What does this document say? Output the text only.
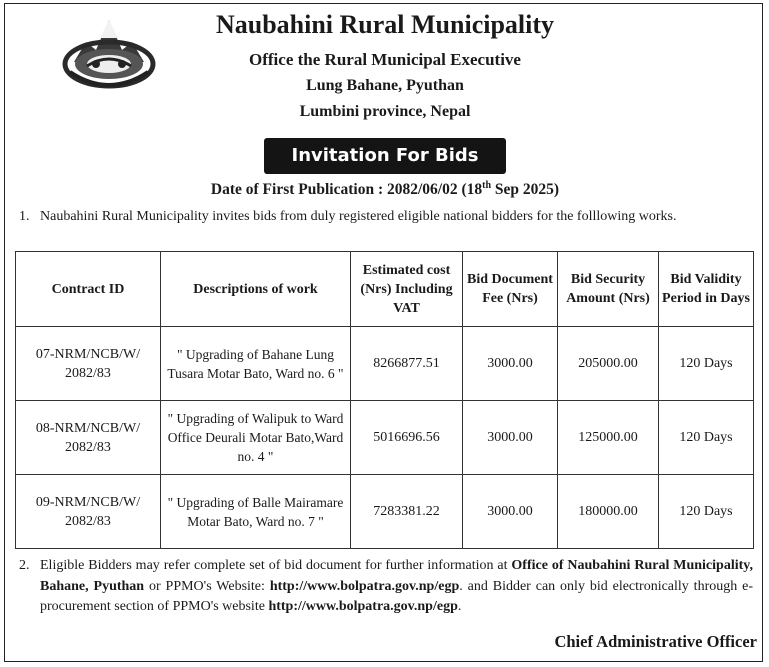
Naubahini Rural Municipality
Office the Rural Municipal Executive
Lung Bahane, Pyuthan
Lumbini province, Nepal
Invitation For Bids
Date of First Publication : 2082/06/02 (18th Sep 2025)
1. Naubahini Rural Municipality invites bids from duly registered eligible national bidders for the folllowing works.
Contract ID	Descriptions of work	Estimated cost (Nrs) Including VAT	Bid Document Fee (Nrs)	Bid Security Amount (Nrs)	Bid Validity Period in Days
07-NRM/NCB/W/ 2082/83	" Upgrading of Bahane Lung Tusara Motar Bato, Ward no. 6 "	8266877.51	3000.00	205000.00	120 Days
08-NRM/NCB/W/ 2082/83	" Upgrading of Walipuk to Ward Office Deurali Motar Bato,Ward no. 4 "	5016696.56	3000.00	125000.00	120 Days
09-NRM/NCB/W/ 2082/83	" Upgrading of Balle Mairamare Motar Bato, Ward no. 7 "	7283381.22	3000.00	180000.00	120 Days
2. Eligible Bidders may refer complete set of bid document for further information at Office of Naubahini Rural Municipality, Bahane, Pyuthan or PPMO's Website: http://www.bolpatra.gov.np/egp. and Bidder can only bid electronically through e-procurement section of PPMO's website http://www.bolpatra.gov.np/egp.
Chief Administrative Officer
